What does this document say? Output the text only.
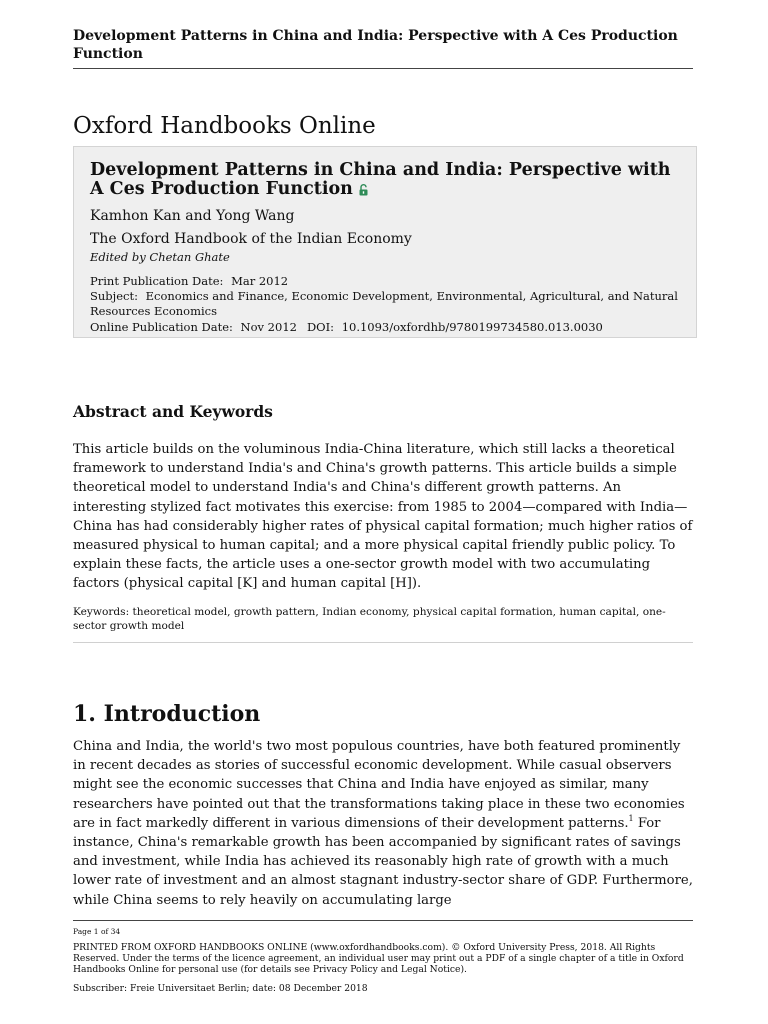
Development Patterns in China and India: Perspective with A Ces Production Function
Oxford Handbooks Online
Development Patterns in China and India: Perspective with A Ces Production Function
Kamhon Kan and Yong Wang
The Oxford Handbook of the Indian Economy
Edited by Chetan Ghate
Print Publication Date: Mar 2012
Subject: Economics and Finance, Economic Development, Environmental, Agricultural, and Natural Resources Economics
Online Publication Date: Nov 2012 DOI: 10.1093/oxfordhb/9780199734580.013.0030
Abstract and Keywords

This article builds on the voluminous India-China literature, which still lacks a theoretical framework to understand India's and China's growth patterns. This article builds a simple theoretical model to understand India's and China's different growth patterns. An interesting stylized fact motivates this exercise: from 1985 to 2004—compared with India—China has had considerably higher rates of physical capital formation; much higher ratios of measured physical to human capital; and a more physical capital friendly public policy. To explain these facts, the article uses a one-sector growth model with two accumulating factors (physical capital [K] and human capital [H]).

Keywords: theoretical model, growth pattern, Indian economy, physical capital formation, human capital, one-sector growth model
1. Introduction

China and India, the world's two most populous countries, have both featured prominently in recent decades as stories of successful economic development. While casual observers might see the economic successes that China and India have enjoyed as similar, many researchers have pointed out that the transformations taking place in these two economies are in fact markedly different in various dimensions of their development patterns.$^1$ For instance, China's remarkable growth has been accompanied by significant rates of savings and investment, while India has achieved its reasonably high rate of growth with a much lower rate of investment and an almost stagnant industry-sector share of GDP. Furthermore, while China seems to rely heavily on accumulating large

Page 1 of 34
PRINTED FROM OXFORD HANDBOOKS ONLINE (www.oxfordhandbooks.com). © Oxford University Press, 2018. All Rights Reserved. Under the terms of the licence agreement, an individual user may print out a PDF of a single chapter of a title in Oxford Handbooks Online for personal use (for details see Privacy Policy and Legal Notice).
Subscriber: Freie Universitaet Berlin; date: 08 December 2018
